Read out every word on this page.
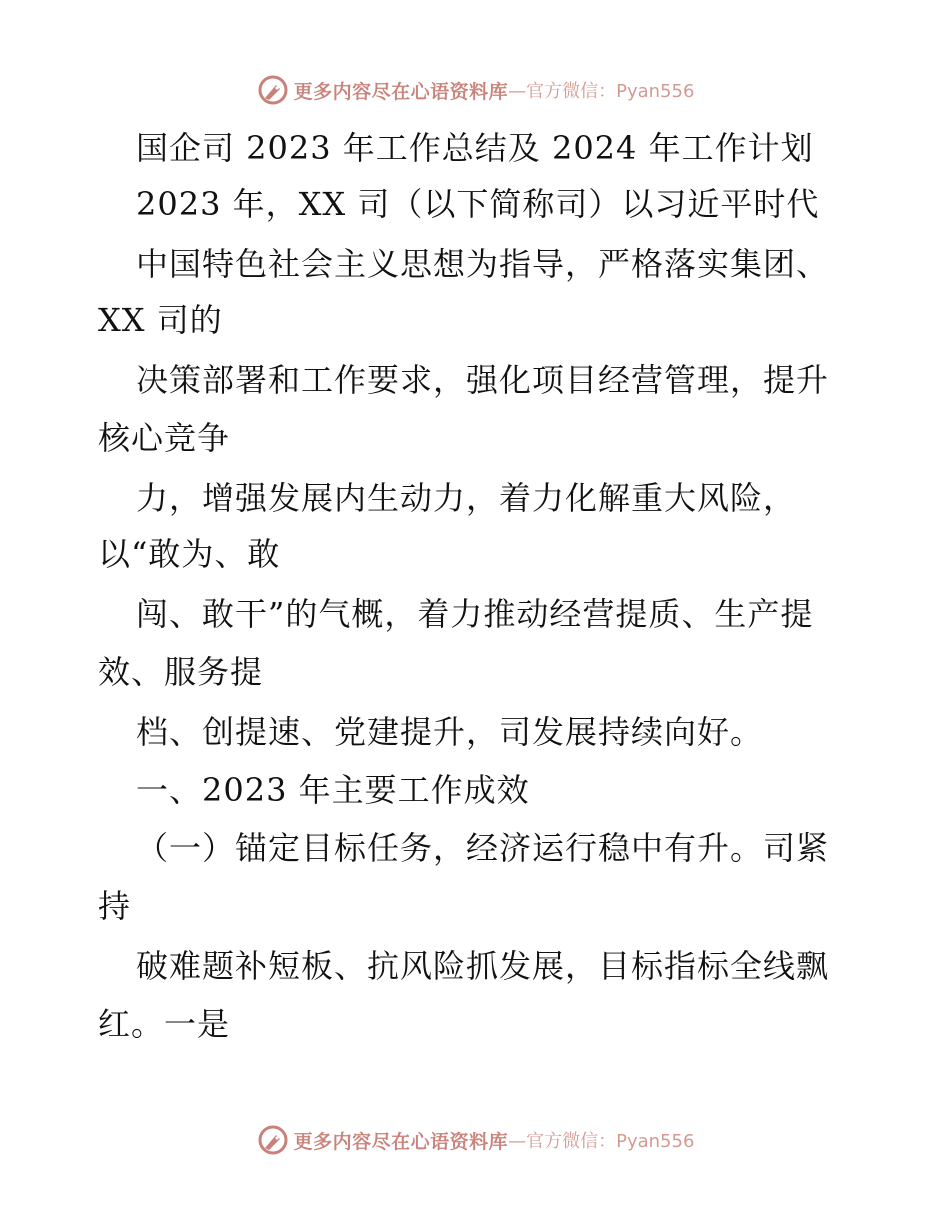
更多内容尽在心语资料库 —官方微信：Pyan556
国企司 2023 年工作总结及 2024 年工作计划
2023 年，XX 司（以下简称司）以习近平时代
中国特色社会主义思想为指导，严格落实集团、
XX 司的
决策部署和工作要求，强化项目经营管理，提升
核心竞争
力，增强发展内生动力，着力化解重大风险，
以“敢为、敢
闯、敢干”的气概，着力推动经营提质、生产提
效、服务提
档、创提速、党建提升，司发展持续向好。
一、2023 年主要工作成效
（一）锚定目标任务，经济运行稳中有升。司紧
持
破难题补短板、抗风险抓发展，目标指标全线飘
红。一是
更多内容尽在心语资料库 —官方微信：Pyan556
